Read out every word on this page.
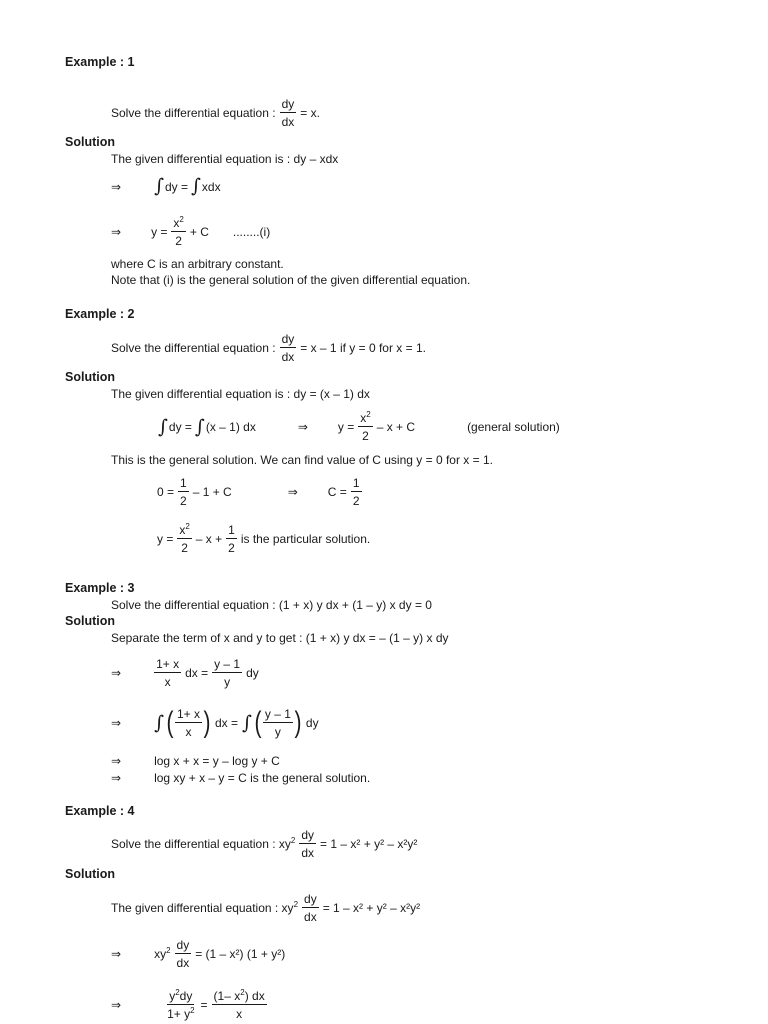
Example : 1
Solve the differential equation : $\frac{dy}{dx} = x$.
Solution
The given differential equation is : dy – xdx
⇒ ∫ dy = ∫ xdx
⇒	$y = \frac{x^2}{2} + C$ ........(i)
where C is an arbitrary constant.
Note that (i) is the general solution of the given differential equation.
Example : 2
Solve the differential equation : $\frac{dy}{dx} = x - 1$ if y = 0 for x = 1.
Solution
The given differential equation is : dy = (x – 1) dx
∫ dy = ∫ (x – 1) dx	⇒	$y = \frac{x^2}{2} - x + C$	(general solution)
This is the general solution. We can find value of C using y = 0 for x = 1.
$0 = \frac{1}{2} - 1 + C$	⇒	$C = \frac{1}{2}$
$y = \frac{x^2}{2} - x + \frac{1}{2}$ is the particular solution.
Example : 3
Solve the differential equation : (1 + x) y dx + (1 – y) x dy = 0
Solution
Separate the term of x and y to get : (1 + x) y dx = – (1 – y) x dy
⇒	$\frac{1+ x}{x}$ dx = $\frac{y - 1}{y}$ dy
⇒ ∫ ( $\frac{1+ x}{x}$ ) dx = ∫ ( $\frac{y - 1}{y}$ ) dy
⇒	log x + x = y – log y + C
⇒	log xy + x – y = C is the general solution.
Example : 4
Solve the differential equation : $xy^2 \frac{dy}{dx} = 1 - x^2 + y^2 - x^2y^2$
Solution
The given differential equation : $xy^2 \frac{dy}{dx} = 1 - x^2 + y^2 - x^2y^2$
⇒	$xy^2 \frac{dy}{dx} = (1 - x^2) (1 + y^2)$
⇒	$\frac{y^2dy}{1+ y^2} = \frac{(1- x^2) dx}{x}$
